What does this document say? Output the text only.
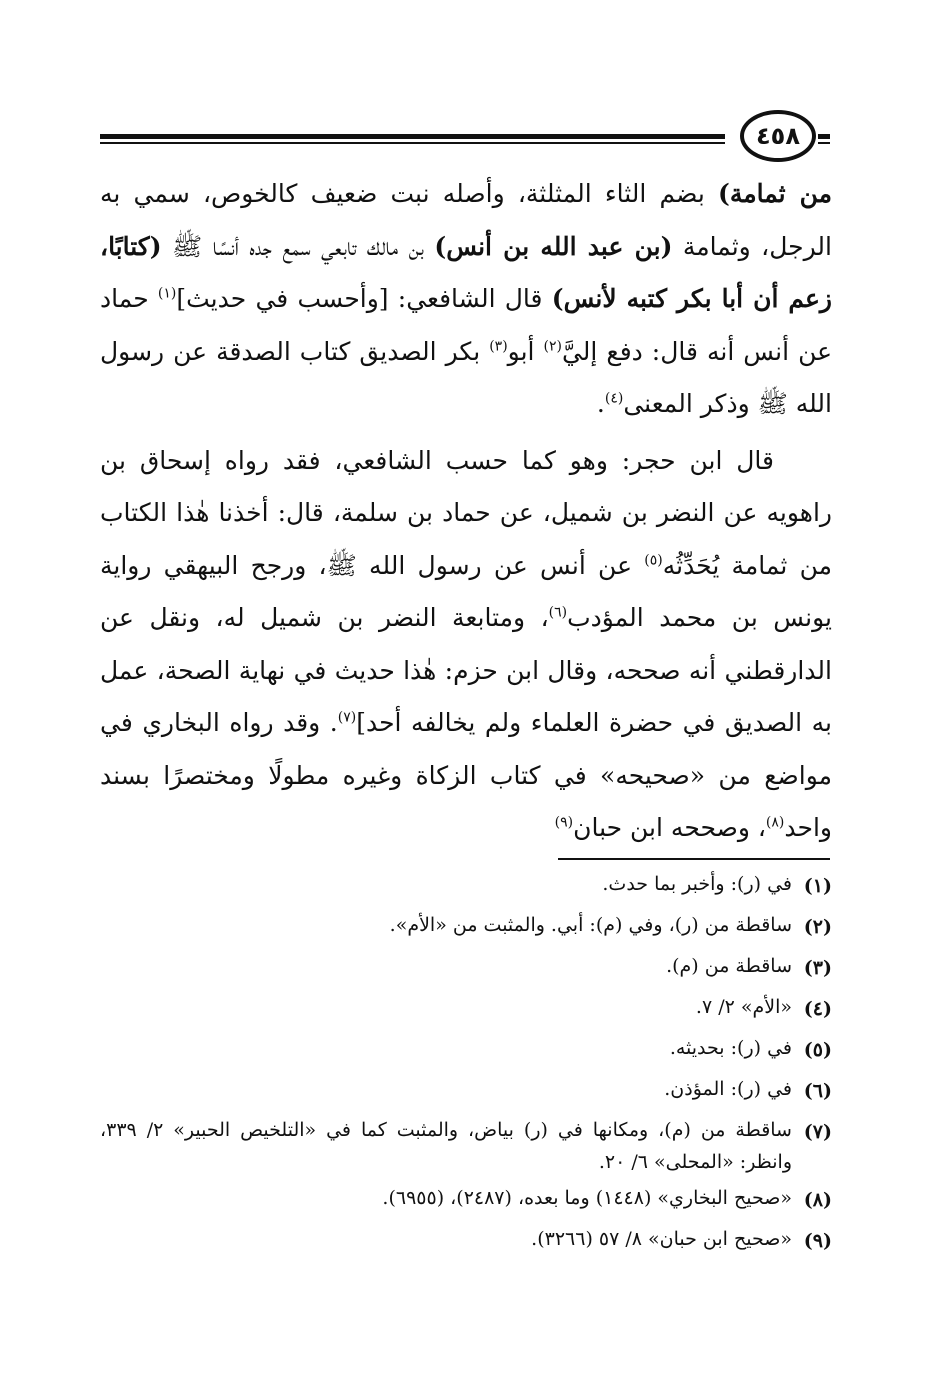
٤٥٨

من ثمامة) بضم الثاء المثلثة، وأصله نبت ضعيف كالخوص، سمي به الرجل، وثمامة (بن عبد الله بن أنس) بن مالك تابعي سمع جده أنسًا ﷺ (كتابًا، زعم أن أبا بكر كتبه لأنس) قال الشافعي: [وأحسب في حديث]$^{(١)}$ حماد عن أنس أنه قال: دفع إليَّ$^{(٢)}$ أبو$^{(٣)}$ بكر الصديق كتاب الصدقة عن رسول الله ﷺ وذكر المعنى$^{(٤)}$.

قال ابن حجر: وهو كما حسب الشافعي، فقد رواه إسحاق بن راهويه عن النضر بن شميل، عن حماد بن سلمة، قال: أخذنا هٰذا الكتاب من ثمامة يُحَدِّثُه$^{(٥)}$ عن أنس عن رسول الله ﷺ، ورجح البيهقي رواية يونس بن محمد المؤدب$^{(٦)}$، ومتابعة النضر بن شميل له، ونقل عن الدارقطني أنه صححه، وقال ابن حزم: هٰذا حديث في نهاية الصحة، عمل به الصديق في حضرة العلماء ولم يخالفه أحد]$^{(٧)}$. وقد رواه البخاري في مواضع من «صحيحه» في كتاب الزكاة وغيره مطولًا ومختصرًا بسند واحد$^{(٨)}$، وصححه ابن حبان$^{(٩)}$

(١)
في (ر): وأخبر بما حدث.
(٢)
ساقطة من (ر)، وفي (م): أبي. والمثبت من «الأم».
(٣)
ساقطة من (م).
(٤)
«الأم» ٢/ ٧.
(٥)
في (ر): بحديثه.
(٦)
في (ر): المؤذن.
(٧)
ساقطة من (م)، ومكانها في (ر) بياض، والمثبت كما في «التلخيص الحبير» ٢/ ٣٣٩، وانظر: «المحلى» ٦/ ٢٠.
(٨)
«صحيح البخاري» (١٤٤٨) وما بعده، (٢٤٨٧)، (٦٩٥٥).
(٩)
«صحيح ابن حبان» ٨/ ٥٧ (٣٢٦٦).
